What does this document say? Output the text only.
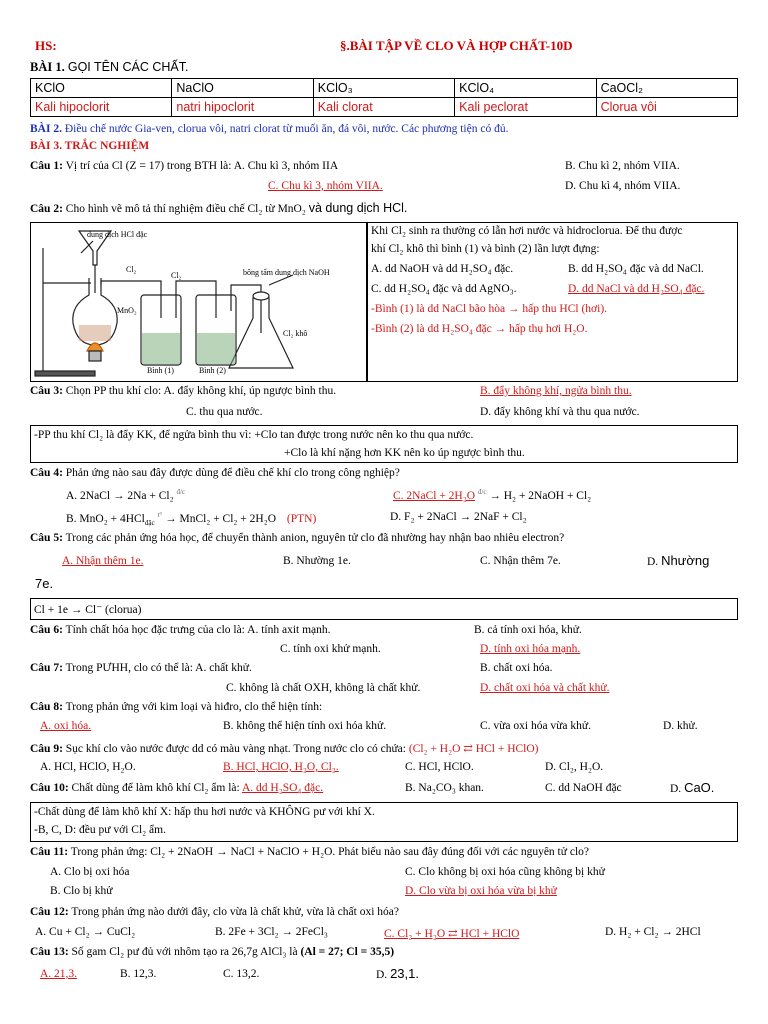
HS:	§.BÀI TẬP VỀ CLO VÀ HỢP CHẤT-10D
BÀI 1. GỌI TÊN CÁC CHẤT.
KClO	NaClO	KClO₃	KClO₄	CaOCl₂
Kali hipoclorit	natri hipoclorit	Kali clorat	Kali peclorat	Clorua vôi
BÀI 2. Điều chế nước Gia-ven, clorua vôi, natri clorat từ muối ăn, đá vôi, nước. Các phương tiện có đủ.
BÀI 3. TRẮC NGHIỆM
Câu 1: Vị trí của Cl (Z = 17) trong BTH là: A. Chu kì 3, nhóm IIA	B. Chu kì 2, nhóm VIIA.
C. Chu kì 3, nhóm VIIA.	D. Chu kì 4, nhóm VIIA.
Câu 2: Cho hình vẽ mô tả thí nghiệm điều chế Cl₂ từ MnO₂ và dung dịch HCl.
dung dịch HCl đặc
Cl₂
Cl₂	bông tẩm dung dịch NaOH
MnO₂
Bình (1)	Bình (2)
Cl₂ khô
Khi Cl₂ sinh ra thường có lẫn hơi nước và hidroclorua. Để thu được
khí Cl₂ khô thì bình (1) và bình (2) lần lượt đựng:
A. dd NaOH và dd H₂SO₄ đặc.	B. dd H₂SO₄ đặc và dd NaCl.
C. dd H₂SO₄ đặc và dd AgNO₃.	D. dd NaCl và dd H₂SO₄ đặc.
-Bình (1) là dd NaCl bão hòa → hấp thu HCl (hơi).
-Bình (2) là dd H₂SO₄ đặc → hấp thụ hơi H₂O.
Câu 3: Chọn PP thu khí clo: A. đẩy không khí, úp ngược bình thu.	B. đẩy không khí, ngửa bình thu.
C. thu qua nước.	D. đẩy không khí và thu qua nước.
-PP thu khí Cl₂ là đẩy KK, để ngửa bình thu vì: +Clo tan được trong nước nên ko thu qua nước.
+Clo là khí nặng hơn KK nên ko úp ngược bình thu.
Câu 4: Phản ứng nào sau đây được dùng để điều chế khí clo trong công nghiệp?
A. 2NaCl → 2Na + Cl₂ $^{đ/c}$	C. 2NaCl + 2H₂O $^{đ/c}$ → H₂ + 2NaOH + Cl₂
B. MnO₂ + 4HCl$_{đặc}$ $^{t^\circ}$ → MnCl₂ + Cl₂ + 2H₂O (PTN)	D. F₂ + 2NaCl → 2NaF + Cl₂
Câu 5: Trong các phản ứng hóa học, để chuyển thành anion, nguyên tử clo đã nhường hay nhận bao nhiêu electron?
A. Nhận thêm 1e.	B. Nhường 1e.	C. Nhận thêm 7e.	D. Nhường
7e.
Cl + 1e → Cl⁻ (clorua)
Câu 6: Tính chất hóa học đặc trưng của clo là: A. tính axit mạnh.	B. cả tính oxi hóa, khử.
C. tính oxi khử mạnh.	D. tính oxi hóa mạnh.
Câu 7: Trong PƯHH, clo có thể là: A. chất khử.	B. chất oxi hóa.
C. không là chất OXH, không là chất khử.	D. chất oxi hóa và chất khử.
Câu 8: Trong phản ứng với kim loại và hiđro, clo thể hiện tính:
A. oxi hóa.	B. không thể hiện tính oxi hóa khử.	C. vừa oxi hóa vừa khử.	D. khử.
Câu 9: Sục khí clo vào nước được dd có màu vàng nhạt. Trong nước clo có chứa: (Cl₂ + H₂O ⇄ HCl + HClO)
A. HCl, HClO, H₂O.	B. HCl, HClO, H₂O, Cl₂.	C. HCl, HClO.	D. Cl₂, H₂O.
Câu 10: Chất dùng để làm khô khí Cl₂ ẩm là: A. dd H₂SO₄ đặc.	B. Na₂CO₃ khan.	C. dd NaOH đặc	D. CaO.
-Chất dùng để làm khô khí X: hấp thu hơi nước và KHÔNG pư với khí X.
-B, C, D: đều pư với Cl₂ ẩm.
Câu 11: Trong phản ứng: Cl₂ + 2NaOH → NaCl + NaClO + H₂O. Phát biểu nào sau đây đúng đối với các nguyên tử clo?
A. Clo bị oxi hóa	C. Clo không bị oxi hóa cũng không bị khử
B. Clo bị khử	D. Clo vừa bị oxi hóa vừa bị khử
Câu 12: Trong phản ứng nào dưới đây, clo vừa là chất khử, vừa là chất oxi hóa?
A. Cu + Cl₂ → CuCl₂	B. 2Fe + 3Cl₂ → 2FeCl₃	C. Cl₂ + H₂O ⇄ HCl + HClO	D. H₂ + Cl₂ → 2HCl
Câu 13: Số gam Cl₂ pư đủ với nhôm tạo ra 26,7g AlCl₃ là (Al = 27; Cl = 35,5)
A. 21,3.	B. 12,3.	C. 13,2.	D. 23,1.
